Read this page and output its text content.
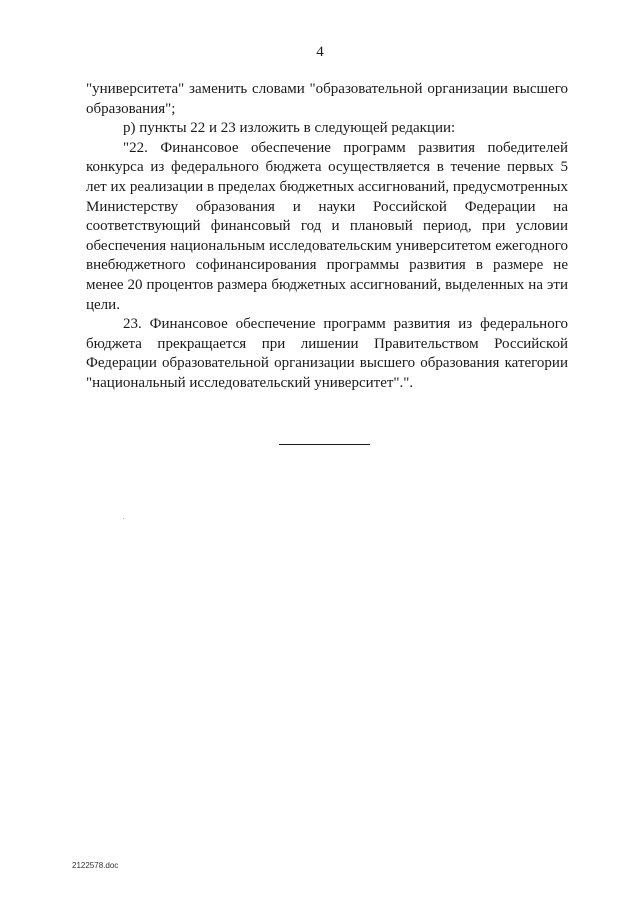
4

"университета" заменить словами "образовательной организации высшего образования";

р) пункты 22 и 23 изложить в следующей редакции:

"22. Финансовое обеспечение программ развития победителей конкурса из федерального бюджета осуществляется в течение первых 5 лет их реализации в пределах бюджетных ассигнований, предусмотренных Министерству образования и науки Российской Федерации на соответствующий финансовый год и плановый период, при условии обеспечения национальным исследовательским университетом ежегодного внебюджетного софинансирования программы развития в размере не менее 20 процентов размера бюджетных ассигнований, выделенных на эти цели.

23. Финансовое обеспечение программ развития из федерального бюджета прекращается при лишении Правительством Российской Федерации образовательной организации высшего образования категории "национальный исследовательский университет".".

2122578.doc
